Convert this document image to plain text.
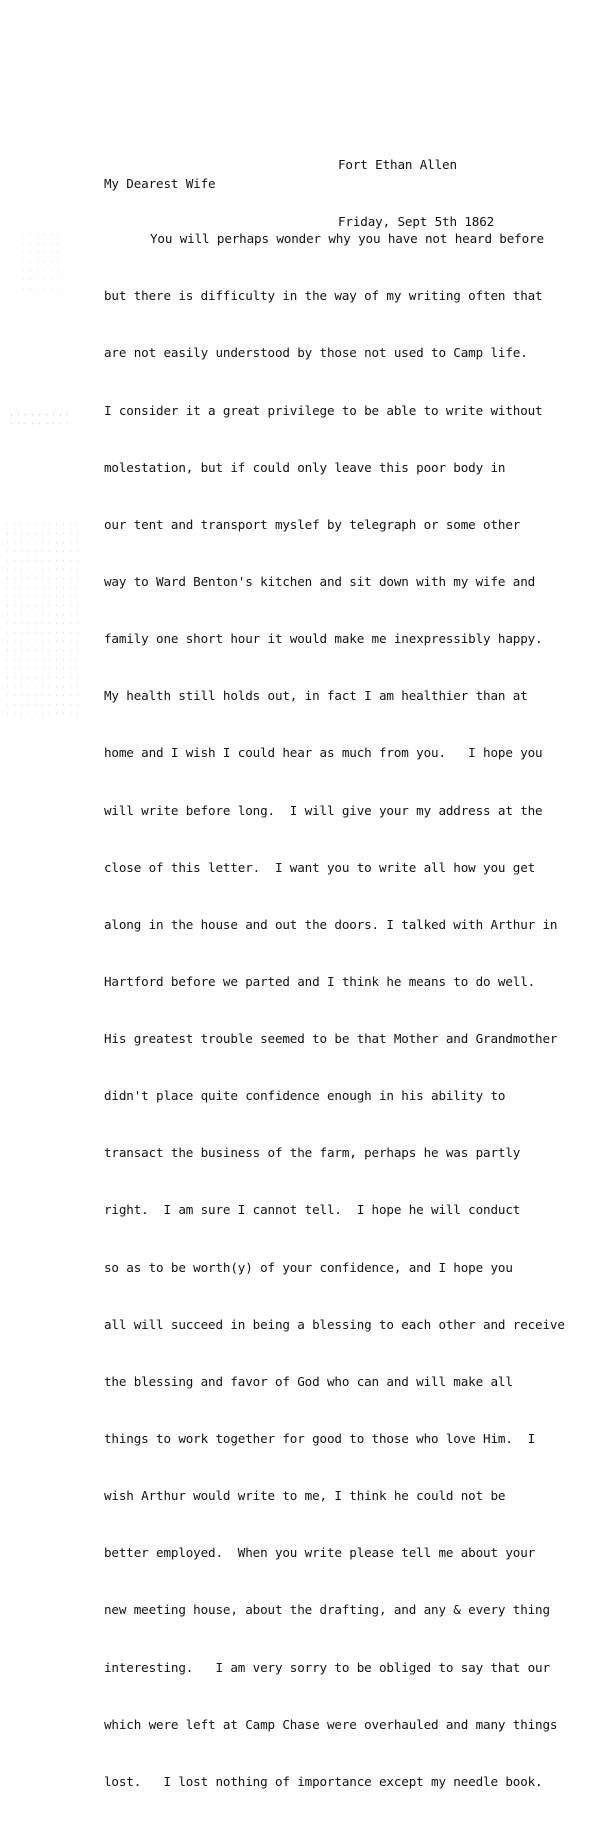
Fort Ethan Allen

Friday, Sept 5th 1862

My Dearest Wife

You will perhaps wonder why you have not heard before

but there is difficulty in the way of my writing often that

are not easily understood by those not used to Camp life.

I consider it a great privilege to be able to write without

molestation, but if could only leave this poor body in

our tent and transport myslef by telegraph or some other

way to Ward Benton's kitchen and sit down with my wife and

family one short hour it would make me inexpressibly happy.

My health still holds out, in fact I am healthier than at

home and I wish I could hear as much from you.   I hope you

will write before long.  I will give your my address at the

close of this letter.  I want you to write all how you get

along in the house and out the doors. I talked with Arthur in

Hartford before we parted and I think he means to do well.

His greatest trouble seemed to be that Mother and Grandmother

didn't place quite confidence enough in his ability to

transact the business of the farm, perhaps he was partly

right.  I am sure I cannot tell.  I hope he will conduct

so as to be worth(y) of your confidence, and I hope you

all will succeed in being a blessing to each other and receive

the blessing and favor of God who can and will make all

things to work together for good to those who love Him.  I

wish Arthur would write to me, I think he could not be

better employed.  When you write please tell me about your

new meeting house, about the drafting, and any & every thing

interesting.   I am very sorry to be obliged to say that our

which were left at Camp Chase were overhauled and many things

lost.   I lost nothing of importance except my needle book.
